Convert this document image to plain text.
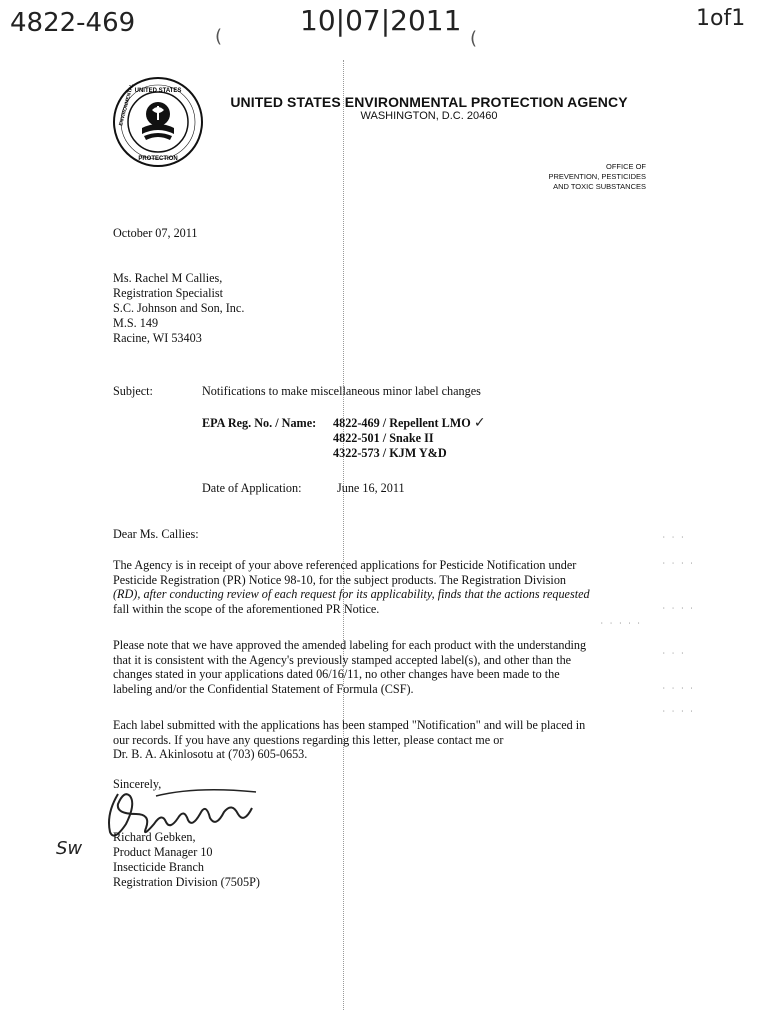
4822-469	10|07|2011	1of1
(	(
UNITED STATES
ENVIRONMENTAL
PROTECTION
UNITED STATES ENVIRONMENTAL PROTECTION AGENCY
WASHINGTON, D.C. 20460
OFFICE OF
PREVENTION, PESTICIDES
AND TOXIC SUBSTANCES
October 07, 2011
Ms. Rachel M Callies,
Registration Specialist
S.C. Johnson and Son, Inc.
M.S. 149
Racine, WI 53403
Subject:	Notifications to make miscellaneous minor label changes
EPA Reg. No. / Name: 4822-469 / Repellent LMO ✓
4822-501 / Snake II
4322-573 / KJM Y&D
Date of Application:	June 16, 2011
Dear Ms. Callies:
The Agency is in receipt of your above referenced applications for Pesticide Notification under
Pesticide Registration (PR) Notice 98-10, for the subject products. The Registration Division
(RD), after conducting review of each request for its applicability, finds that the actions requested
fall within the scope of the aforementioned PR Notice.
Please note that we have approved the amended labeling for each product with the understanding
that it is consistent with the Agency's previously stamped accepted label(s), and other than the
changes stated in your applications dated 06/16/11, no other changes have been made to the
labeling and/or the Confidential Statement of Formula (CSF).
Each label submitted with the applications has been stamped "Notification" and will be placed in
our records. If you have any questions regarding this letter, please contact me or
Dr. B. A. Akinlosotu at (703) 605-0653.
Sincerely,
Sw
Richard Gebken,
Product Manager 10
Insecticide Branch
Registration Division (7505P)
· · ·
· · · ·
· · · ·
· · · · ·
· · ·
· · · ·
· · · ·
